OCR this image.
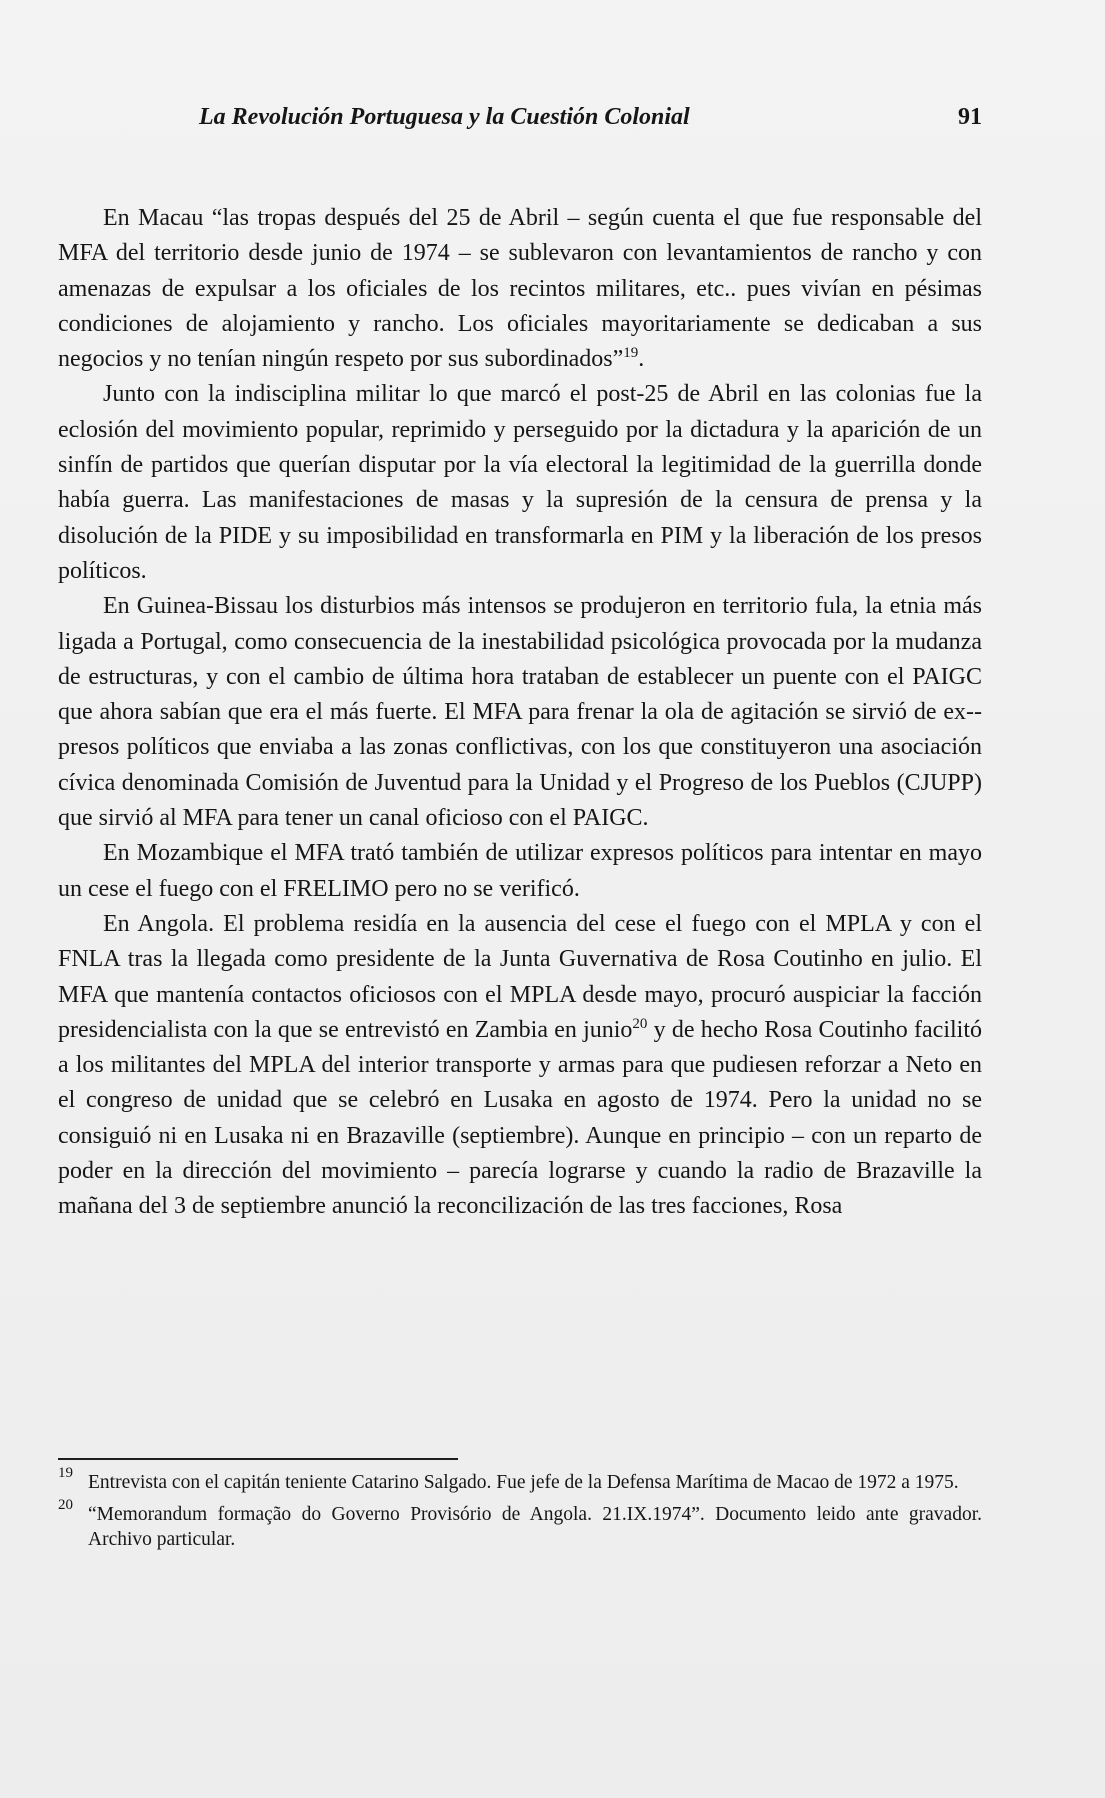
La Revolución Portuguesa y la Cuestión Colonial	91

En Macau “las tropas después del 25 de Abril – según cuenta el que fue responsable del MFA del territorio desde junio de 1974 – se sublevaron con levantamientos de rancho y con amenazas de expulsar a los oficiales de los recintos militares, etc.. pues vivían en pésimas condiciones de alojamiento y rancho. Los oficiales mayoritariamente se dedicaban a sus negocios y no tenían ningún respeto por sus subordinados”$^{19}$.

Junto con la indisciplina militar lo que marcó el post-25 de Abril en las colonias fue la eclosión del movimiento popular, reprimido y perseguido por la dictadura y la aparición de un sinfín de partidos que querían disputar por la vía electoral la legitimidad de la guerrilla donde había guerra. Las manifestaciones de masas y la supresión de la censura de prensa y la disolución de la PIDE y su imposibilidad en transformarla en PIM y la liberación de los presos políticos.

En Guinea-Bissau los disturbios más intensos se produjeron en territorio fula, la etnia más ligada a Portugal, como consecuencia de la inestabilidad psicológica provocada por la mudanza de estructuras, y con el cambio de última hora trataban de establecer un puente con el PAIGC que ahora sabían que era el más fuerte. El MFA para frenar la ola de agitación se sirvió de ex--presos políticos que enviaba a las zonas conflictivas, con los que constituyeron una asociación cívica denominada Comisión de Juventud para la Unidad y el Progreso de los Pueblos (CJUPP) que sirvió al MFA para tener un canal oficioso con el PAIGC.

En Mozambique el MFA trató también de utilizar expresos políticos para intentar en mayo un cese el fuego con el FRELIMO pero no se verificó.

En Angola. El problema residía en la ausencia del cese el fuego con el MPLA y con el FNLA tras la llegada como presidente de la Junta Guvernativa de Rosa Coutinho en julio. El MFA que mantenía contactos oficiosos con el MPLA desde mayo, procuró auspiciar la facción presidencialista con la que se entrevistó en Zambia en junio$^{20}$ y de hecho Rosa Coutinho facilitó a los militantes del MPLA del interior transporte y armas para que pudiesen reforzar a Neto en el congreso de unidad que se celebró en Lusaka en agosto de 1974. Pero la unidad no se consiguió ni en Lusaka ni en Brazaville (septiembre). Aunque en principio – con un reparto de poder en la dirección del movimiento – parecía lograrse y cuando la radio de Brazaville la mañana del 3 de septiembre anunció la reconcilización de las tres facciones, Rosa

19 Entrevista con el capitán teniente Catarino Salgado. Fue jefe de la Defensa Marítima de Macao de 1972 a 1975.
20 “Memorandum formação do Governo Provisório de Angola. 21.IX.1974”. Documento leido ante gravador. Archivo particular.
